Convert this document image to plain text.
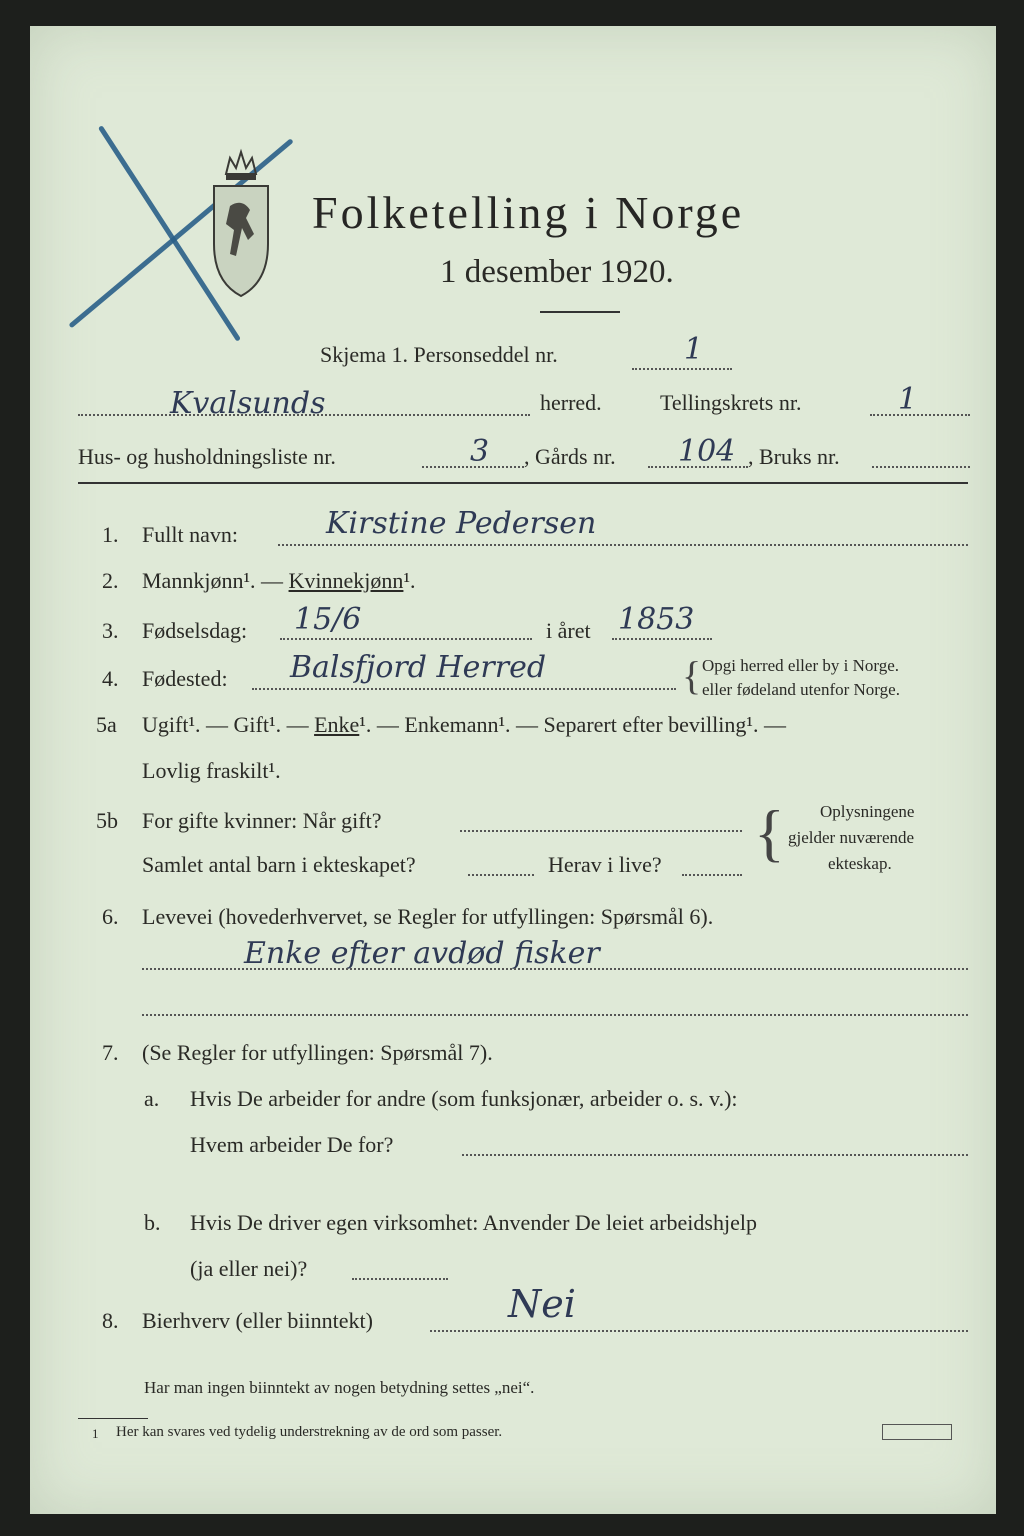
Folketelling i Norge
1 desember 1920.
Skjema 1. Personseddel nr.	1
Kvalsunds	herred.	Tellingskrets nr.	1
Hus- og husholdningsliste nr.	3 , Gårds nr. 104 , Bruks nr.
1. Fullt navn:	Kirstine Pedersen
2. Mannkjønn¹. — Kvinnekjønn¹.
3. Fødselsdag: 15/6	i året 1853
4. Fødested: Balsfjord Herred	{ Opgi herred eller by i Norge.
eller fødeland utenfor Norge.
5a Ugift¹. — Gift¹. — Enke¹. — Enkemann¹. — Separert efter bevilling¹. —
Lovlig fraskilt¹.
5b For gifte kvinner: Når gift?
Samlet antal barn i ekteskapet?	Herav i live? { Oplysningene
gjelder nuværende
ekteskap.
6. Levevei (hovederhvervet, se Regler for utfyllingen: Spørsmål 6).
Enke efter avdød fisker
7. (Se Regler for utfyllingen: Spørsmål 7).
a. Hvis De arbeider for andre (som funksjonær, arbeider o. s. v.):
Hvem arbeider De for?
b. Hvis De driver egen virksomhet: Anvender De leiet arbeidshjelp
(ja eller nei)?
8. Bierhverv (eller biinntekt)	Nei
Har man ingen biinntekt av nogen betydning settes „nei“.
1 Her kan svares ved tydelig understrekning av de ord som passer.
